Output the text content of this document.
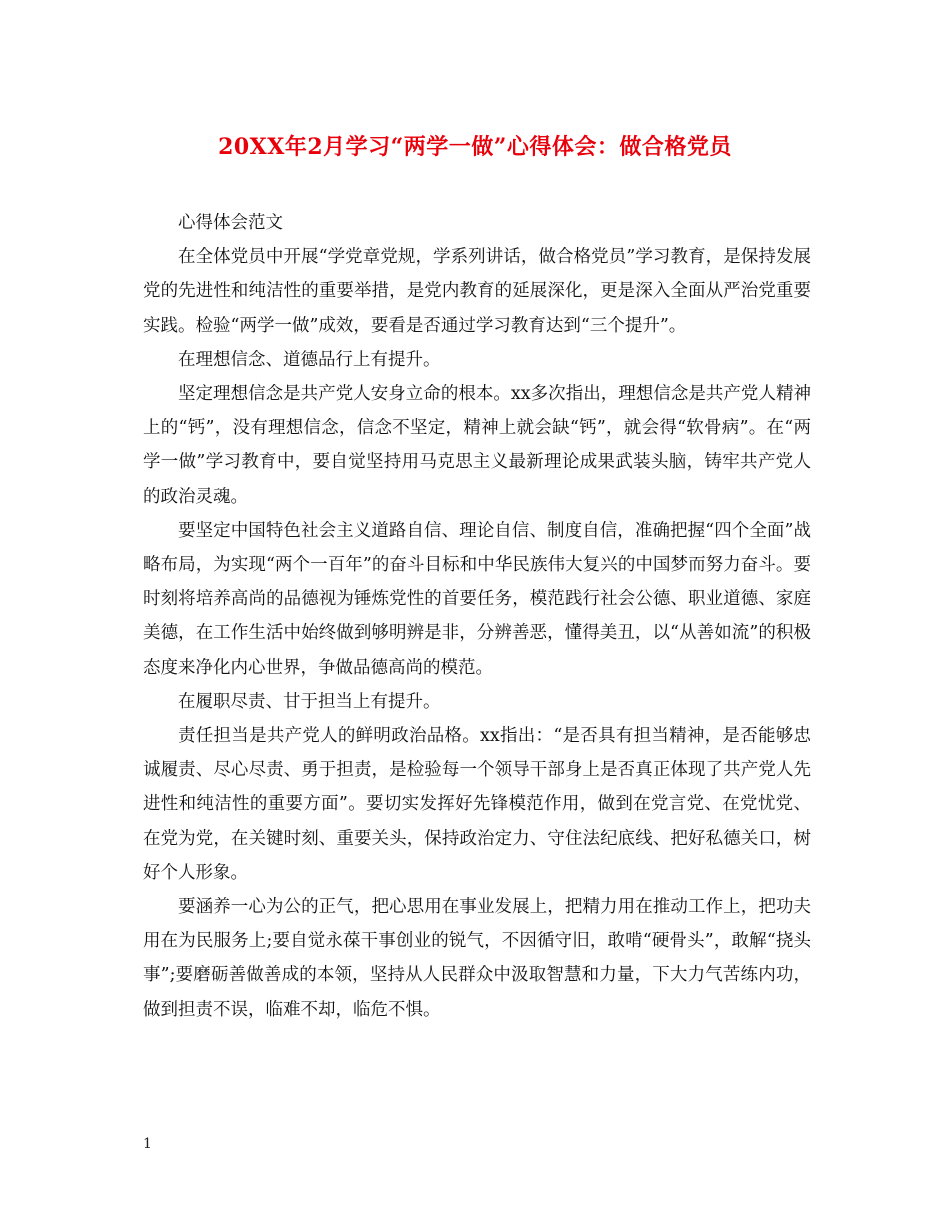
20XX年2月学习“两学一做”心得体会：做合格党员

心得体会范文

在全体党员中开展“学党章党规，学系列讲话，做合格党员”学习教育，是保持发展党的先进性和纯洁性的重要举措，是党内教育的延展深化，更是深入全面从严治党重要实践。检验“两学一做”成效，要看是否通过学习教育达到“三个提升”。

在理想信念、道德品行上有提升。

坚定理想信念是共产党人安身立命的根本。xx多次指出，理想信念是共产党人精神上的“钙”，没有理想信念，信念不坚定，精神上就会缺“钙”，就会得“软骨病”。在“两学一做”学习教育中，要自觉坚持用马克思主义最新理论成果武装头脑，铸牢共产党人的政治灵魂。

要坚定中国特色社会主义道路自信、理论自信、制度自信，准确把握“四个全面”战略布局，为实现“两个一百年”的奋斗目标和中华民族伟大复兴的中国梦而努力奋斗。要时刻将培养高尚的品德视为锤炼党性的首要任务，模范践行社会公德、职业道德、家庭美德，在工作生活中始终做到够明辨是非，分辨善恶，懂得美丑，以“从善如流”的积极态度来净化内心世界，争做品德高尚的模范。

在履职尽责、甘于担当上有提升。

责任担当是共产党人的鲜明政治品格。xx指出：“是否具有担当精神，是否能够忠诚履责、尽心尽责、勇于担责，是检验每一个领导干部身上是否真正体现了共产党人先进性和纯洁性的重要方面”。要切实发挥好先锋模范作用，做到在党言党、在党忧党、在党为党，在关键时刻、重要关头，保持政治定力、守住法纪底线、把好私德关口，树好个人形象。

要涵养一心为公的正气，把心思用在事业发展上，把精力用在推动工作上，把功夫用在为民服务上;要自觉永葆干事创业的锐气，不因循守旧，敢啃“硬骨头”，敢解“挠头事”;要磨砺善做善成的本领，坚持从人民群众中汲取智慧和力量，下大力气苦练内功，做到担责不误，临难不却，临危不惧。

1
